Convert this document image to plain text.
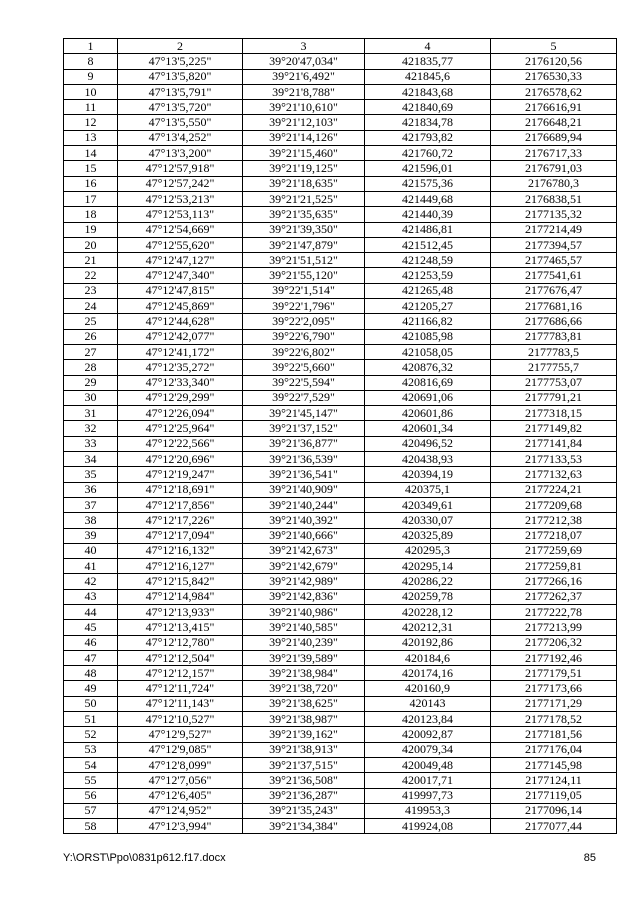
1	2	3	4	5
8	47°13'5,225"	39°20'47,034"	421835,77	2176120,56
9	47°13'5,820"	39°21'6,492"	421845,6	2176530,33
10	47°13'5,791"	39°21'8,788"	421843,68	2176578,62
11	47°13'5,720"	39°21'10,610"	421840,69	2176616,91
12	47°13'5,550"	39°21'12,103"	421834,78	2176648,21
13	47°13'4,252"	39°21'14,126"	421793,82	2176689,94
14	47°13'3,200"	39°21'15,460"	421760,72	2176717,33
15	47°12'57,918"	39°21'19,125"	421596,01	2176791,03
16	47°12'57,242"	39°21'18,635"	421575,36	2176780,3
17	47°12'53,213"	39°21'21,525"	421449,68	2176838,51
18	47°12'53,113"	39°21'35,635"	421440,39	2177135,32
19	47°12'54,669"	39°21'39,350"	421486,81	2177214,49
20	47°12'55,620"	39°21'47,879"	421512,45	2177394,57
21	47°12'47,127"	39°21'51,512"	421248,59	2177465,57
22	47°12'47,340"	39°21'55,120"	421253,59	2177541,61
23	47°12'47,815"	39°22'1,514"	421265,48	2177676,47
24	47°12'45,869"	39°22'1,796"	421205,27	2177681,16
25	47°12'44,628"	39°22'2,095"	421166,82	2177686,66
26	47°12'42,077"	39°22'6,790"	421085,98	2177783,81
27	47°12'41,172"	39°22'6,802"	421058,05	2177783,5
28	47°12'35,272"	39°22'5,660"	420876,32	2177755,7
29	47°12'33,340"	39°22'5,594"	420816,69	2177753,07
30	47°12'29,299"	39°22'7,529"	420691,06	2177791,21
31	47°12'26,094"	39°21'45,147"	420601,86	2177318,15
32	47°12'25,964"	39°21'37,152"	420601,34	2177149,82
33	47°12'22,566"	39°21'36,877"	420496,52	2177141,84
34	47°12'20,696"	39°21'36,539"	420438,93	2177133,53
35	47°12'19,247"	39°21'36,541"	420394,19	2177132,63
36	47°12'18,691"	39°21'40,909"	420375,1	2177224,21
37	47°12'17,856"	39°21'40,244"	420349,61	2177209,68
38	47°12'17,226"	39°21'40,392"	420330,07	2177212,38
39	47°12'17,094"	39°21'40,666"	420325,89	2177218,07
40	47°12'16,132"	39°21'42,673"	420295,3	2177259,69
41	47°12'16,127"	39°21'42,679"	420295,14	2177259,81
42	47°12'15,842"	39°21'42,989"	420286,22	2177266,16
43	47°12'14,984"	39°21'42,836"	420259,78	2177262,37
44	47°12'13,933"	39°21'40,986"	420228,12	2177222,78
45	47°12'13,415"	39°21'40,585"	420212,31	2177213,99
46	47°12'12,780"	39°21'40,239"	420192,86	2177206,32
47	47°12'12,504"	39°21'39,589"	420184,6	2177192,46
48	47°12'12,157"	39°21'38,984"	420174,16	2177179,51
49	47°12'11,724"	39°21'38,720"	420160,9	2177173,66
50	47°12'11,143"	39°21'38,625"	420143	2177171,29
51	47°12'10,527"	39°21'38,987"	420123,84	2177178,52
52	47°12'9,527"	39°21'39,162"	420092,87	2177181,56
53	47°12'9,085"	39°21'38,913"	420079,34	2177176,04
54	47°12'8,099"	39°21'37,515"	420049,48	2177145,98
55	47°12'7,056"	39°21'36,508"	420017,71	2177124,11
56	47°12'6,405"	39°21'36,287"	419997,73	2177119,05
57	47°12'4,952"	39°21'35,243"	419953,3	2177096,14
58	47°12'3,994"	39°21'34,384"	419924,08	2177077,44
Y:\ORST\Ppo\0831p612.f17.docx	85
